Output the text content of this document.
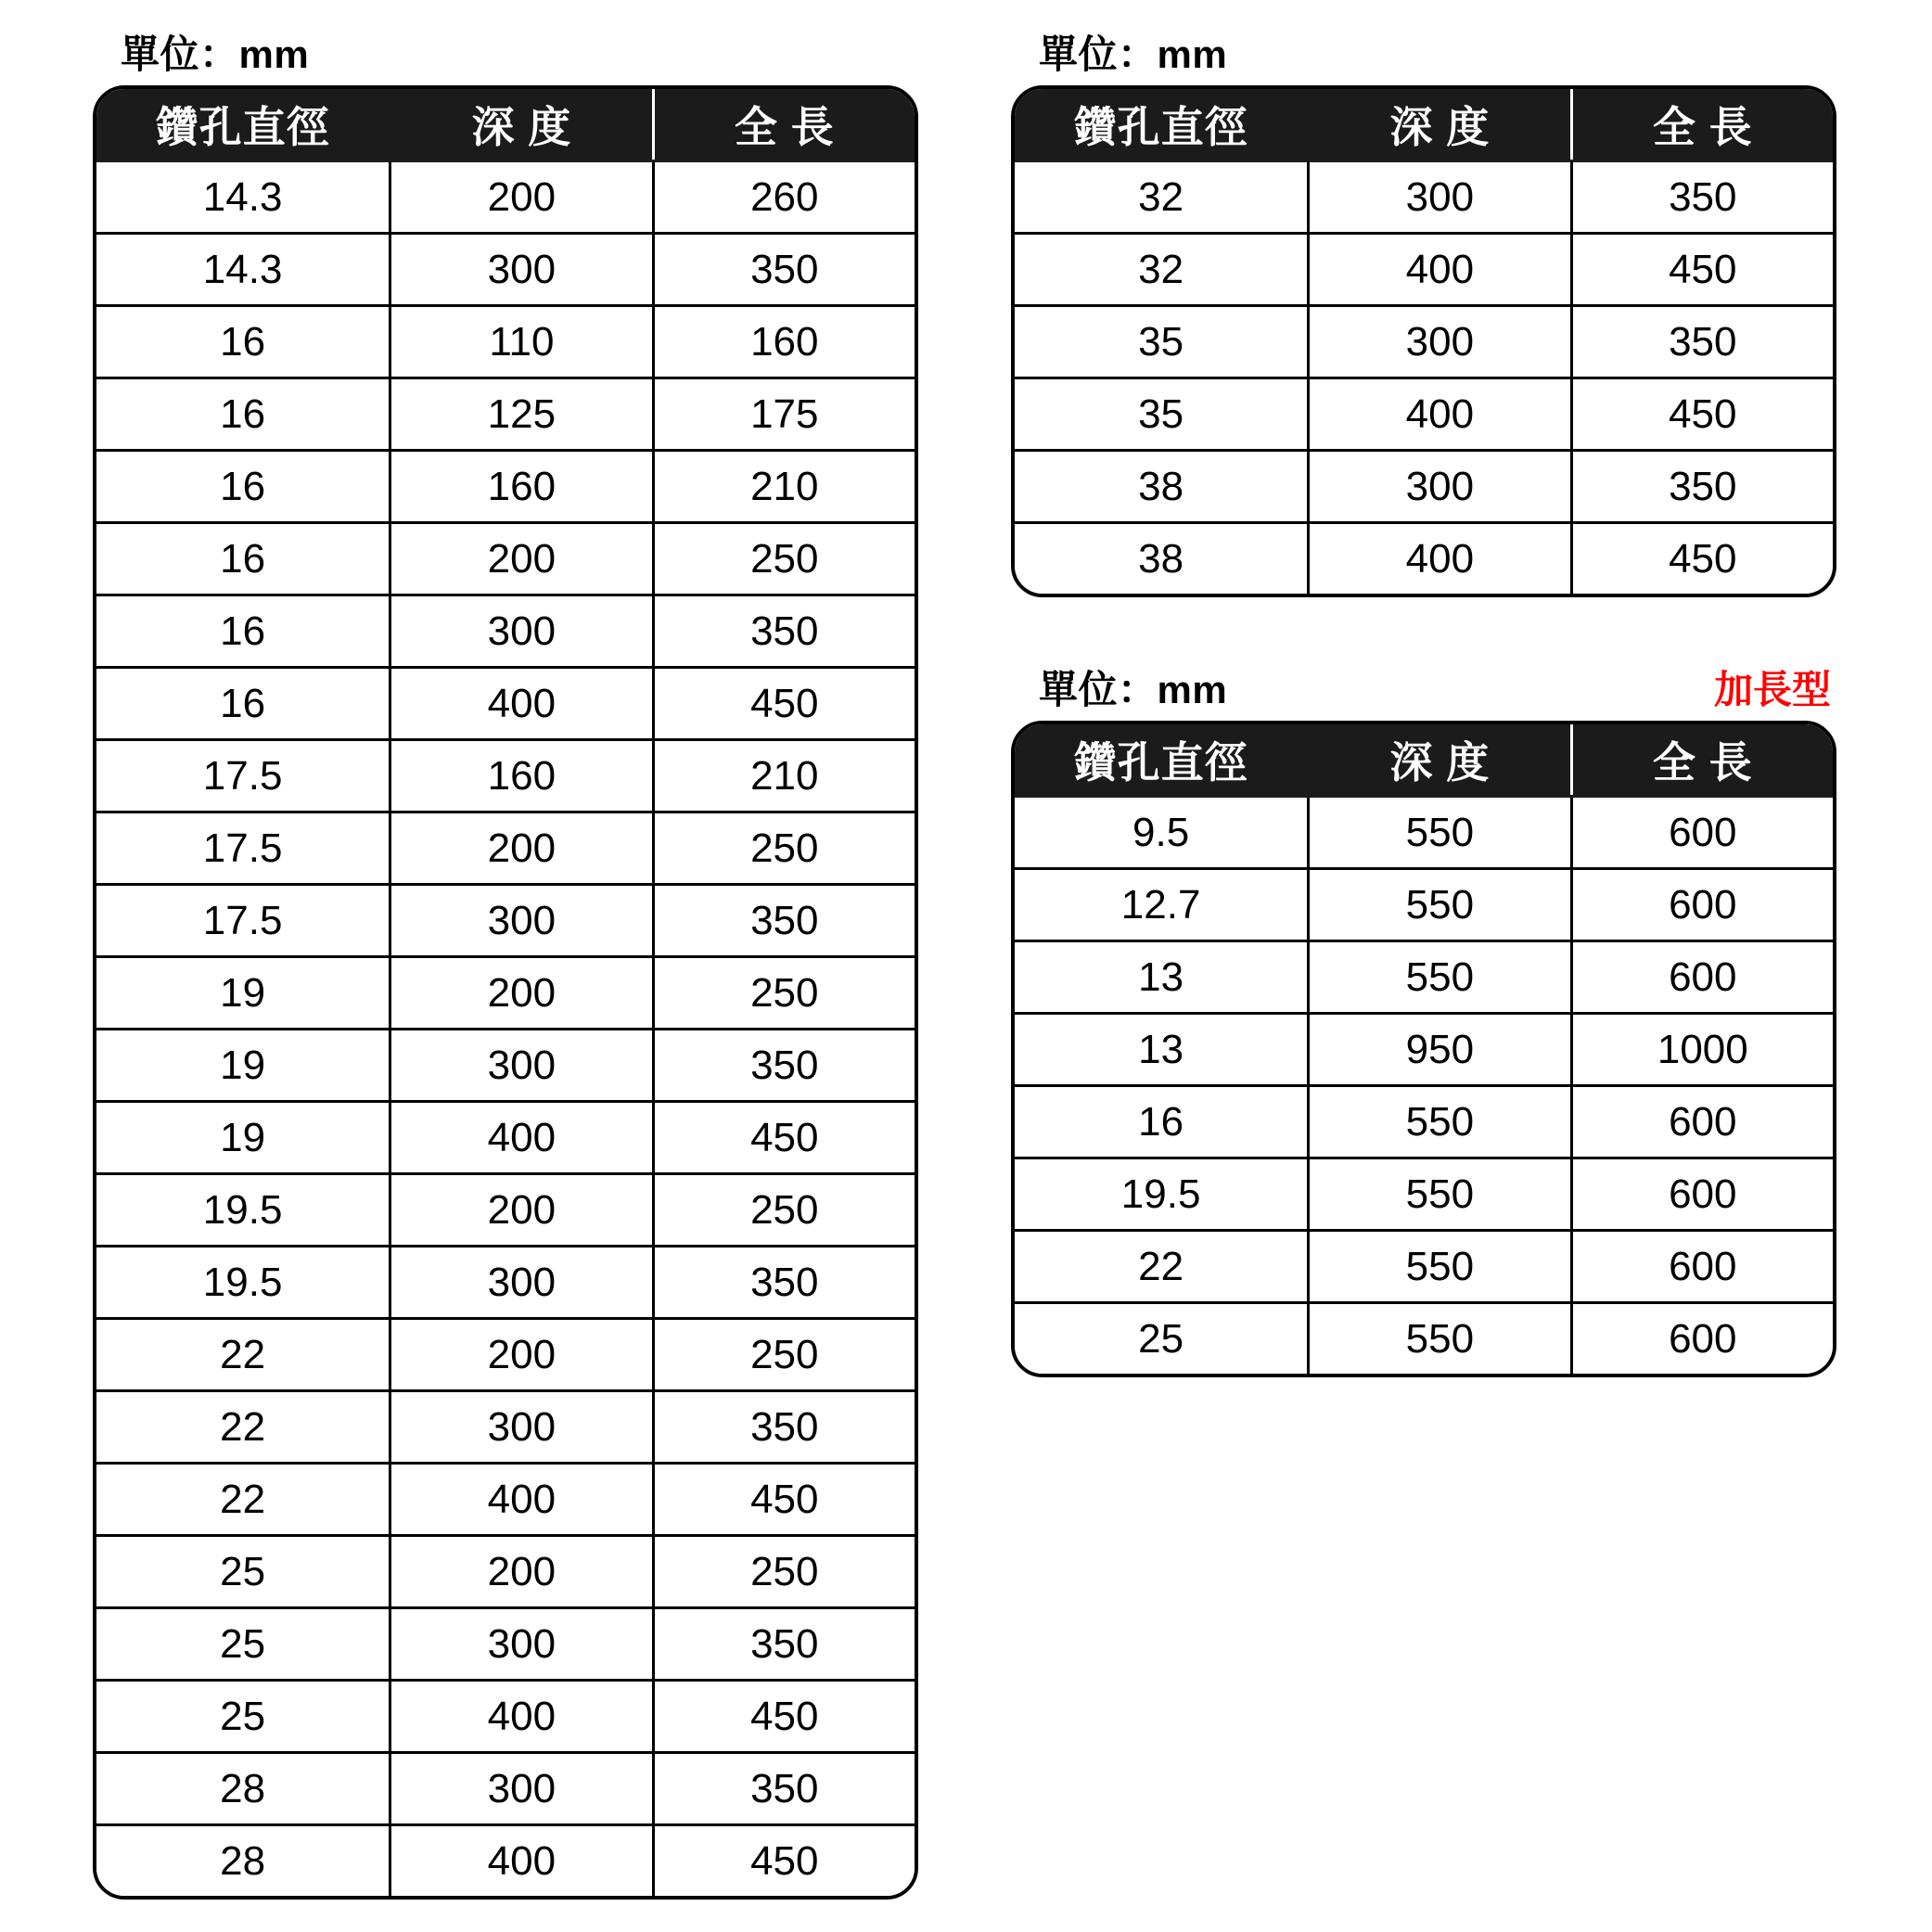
單位：mm
鑽孔直徑	深 度	全 長
14.3	200	260
14.3	300	350
16	110	160
16	125	175
16	160	210
16	200	250
16	300	350
16	400	450
17.5	160	210
17.5	200	250
17.5	300	350
19	200	250
19	300	350
19	400	450
19.5	200	250
19.5	300	350
22	200	250
22	300	350
22	400	450
25	200	250
25	300	350
25	400	450
28	300	350
28	400	450
單位：mm
鑽孔直徑	深 度	全 長
32	300	350
32	400	450
35	300	350
35	400	450
38	300	350
38	400	450
單位：mm	加長型
鑽孔直徑	深 度	全 長
9.5	550	600
12.7	550	600
13	550	600
13	950	1000
16	550	600
19.5	550	600
22	550	600
25	550	600
